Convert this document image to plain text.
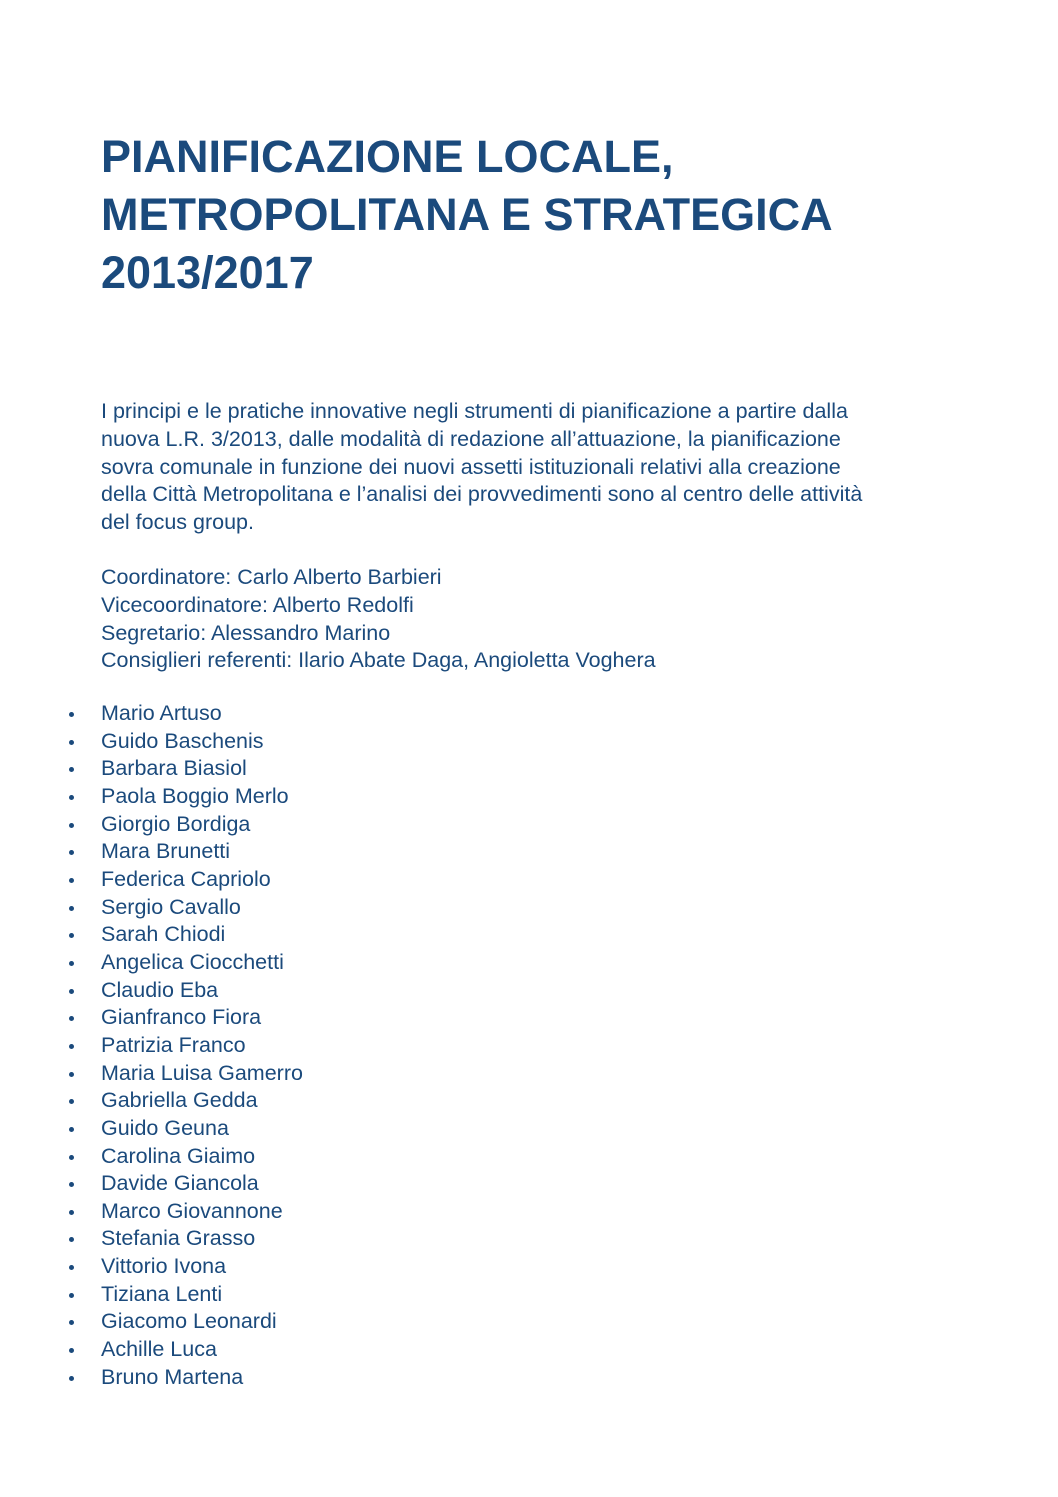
PIANIFICAZIONE LOCALE,
METROPOLITANA E STRATEGICA
2013/2017

I principi e le pratiche innovative negli strumenti di pianificazione a partire dalla
nuova L.R. 3/2013, dalle modalità di redazione all’attuazione, la pianificazione
sovra comunale in funzione dei nuovi assetti istituzionali relativi alla creazione
della Città Metropolitana e l’analisi dei provvedimenti sono al centro delle attività
del focus group.

Coordinatore: Carlo Alberto Barbieri
Vicecoordinatore: Alberto Redolfi
Segretario: Alessandro Marino
Consiglieri referenti: Ilario Abate Daga, Angioletta Voghera
Mario Artuso
Guido Baschenis
Barbara Biasiol
Paola Boggio Merlo
Giorgio Bordiga
Mara Brunetti
Federica Capriolo
Sergio Cavallo
Sarah Chiodi
Angelica Ciocchetti
Claudio Eba
Gianfranco Fiora
Patrizia Franco
Maria Luisa Gamerro
Gabriella Gedda
Guido Geuna
Carolina Giaimo
Davide Giancola
Marco Giovannone
Stefania Grasso
Vittorio Ivona
Tiziana Lenti
Giacomo Leonardi
Achille Luca
Bruno Martena
